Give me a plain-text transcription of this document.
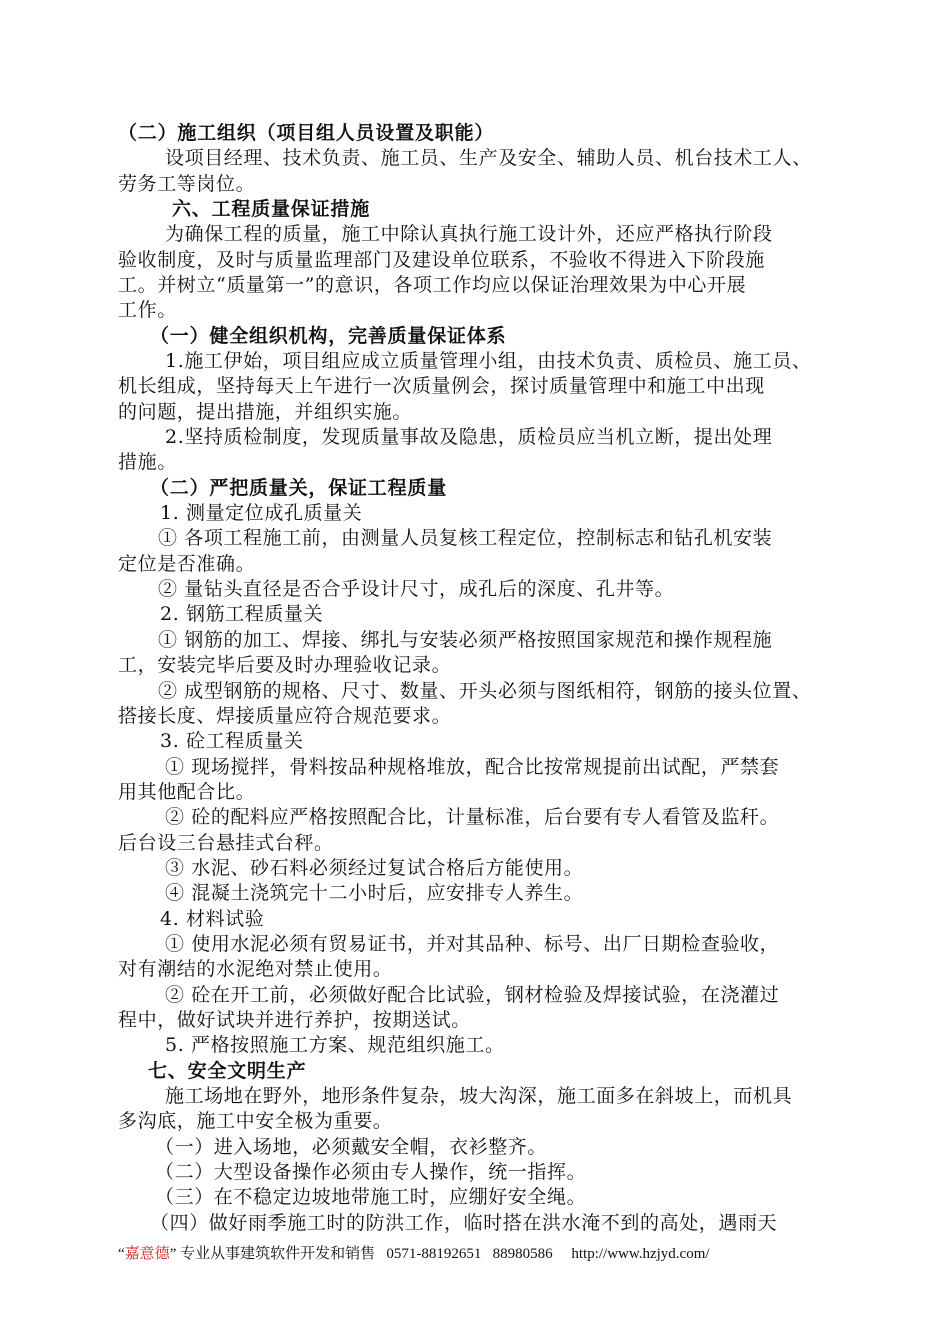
（二）施工组织（项目组人员设置及职能）
设项目经理、技术负责、施工员、生产及安全、辅助人员、机台技术工人、
劳务工等岗位。
六、工程质量保证措施
为确保工程的质量，施工中除认真执行施工设计外，还应严格执行阶段
验收制度，及时与质量监理部门及建设单位联系，不验收不得进入下阶段施
工。并树立“质量第一”的意识，各项工作均应以保证治理效果为中心开展
工作。
（一）健全组织机构，完善质量保证体系
1.施工伊始，项目组应成立质量管理小组，由技术负责、质检员、施工员、
机长组成，坚持每天上午进行一次质量例会，探讨质量管理中和施工中出现
的问题，提出措施，并组织实施。
2.坚持质检制度，发现质量事故及隐患，质检员应当机立断，提出处理
措施。
（二）严把质量关，保证工程质量
1. 测量定位成孔质量关
① 各项工程施工前，由测量人员复核工程定位，控制标志和钻孔机安装
定位是否准确。
② 量钻头直径是否合乎设计尺寸，成孔后的深度、孔井等。
2. 钢筋工程质量关
① 钢筋的加工、焊接、绑扎与安装必须严格按照国家规范和操作规程施
工，安装完毕后要及时办理验收记录。
② 成型钢筋的规格、尺寸、数量、开头必须与图纸相符，钢筋的接头位置、
搭接长度、焊接质量应符合规范要求。
3. 砼工程质量关
① 现场搅拌，骨料按品种规格堆放，配合比按常规提前出试配，严禁套
用其他配合比。
② 砼的配料应严格按照配合比，计量标准，后台要有专人看管及监秆。
后台设三台悬挂式台秤。
③ 水泥、砂石料必须经过复试合格后方能使用。
④ 混凝土浇筑完十二小时后，应安排专人养生。
4. 材料试验
① 使用水泥必须有贸易证书，并对其品种、标号、出厂日期检查验收，
对有潮结的水泥绝对禁止使用。
② 砼在开工前，必须做好配合比试验，钢材检验及焊接试验，在浇灌过
程中，做好试块并进行养护，按期送试。
5. 严格按照施工方案、规范组织施工。
七、安全文明生产
施工场地在野外，地形条件复杂，坡大沟深，施工面多在斜坡上，而机具
多沟底，施工中安全极为重要。
（一）进入场地，必须戴安全帽，衣衫整齐。
（二）大型设备操作必须由专人操作，统一指挥。
（三）在不稳定边坡地带施工时，应绷好安全绳。
（四）做好雨季施工时的防洪工作，临时搭在洪水淹不到的高处，遇雨天
“嘉意德” 专业从事建筑软件开发和销售   0571-88192651   88980586     http://www.hzjyd.com/
